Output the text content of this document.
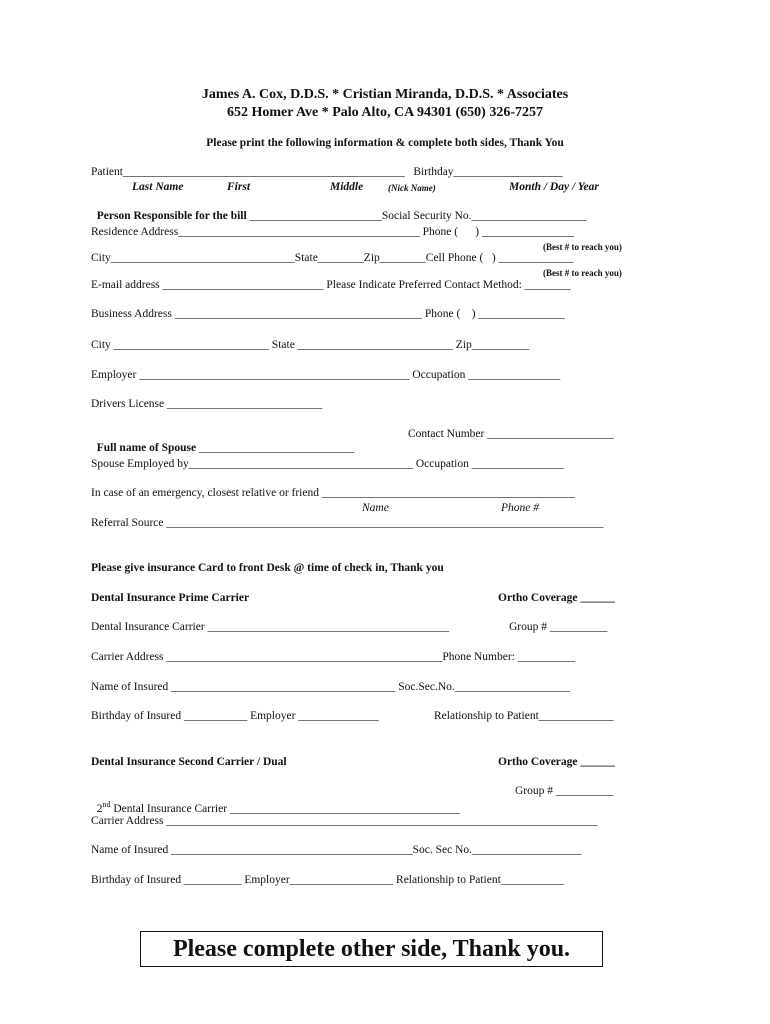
James A. Cox, D.D.S. * Cristian Miranda, D.D.S. * Associates
652 Homer Ave * Palo Alto, CA 94301 (650) 326-7257
Please print the following information & complete both sides, Thank You
Patient_________________________________________________   Birthday___________________
Last Name	First	Middle	(Nick Name)	Month / Day / Year

Person Responsible for the bill _______________________Social Security No.____________________

Residence Address__________________________________________ Phone (      ) ________________
(Best # to reach you)
City________________________________State________Zip________Cell Phone (   ) _____________
(Best # to reach you)
E-mail address ____________________________ Please Indicate Preferred Contact Method: ________
Business Address ___________________________________________ Phone (    ) _______________
City ___________________________ State ___________________________ Zip__________
Employer _______________________________________________ Occupation ________________
Drivers License ___________________________

Full name of Spouse ___________________________

Contact Number ______________________
Spouse Employed by_______________________________________ Occupation ________________
In case of an emergency, closest relative or friend ____________________________________________
Name	Phone #
Referral Source ____________________________________________________________________________
Please give insurance Card to front Desk @ time of check in, Thank you
Dental Insurance Prime Carrier	Ortho Coverage ______
Dental Insurance Carrier __________________________________________	Group # __________
Carrier Address ________________________________________________Phone Number: __________
Name of Insured _______________________________________ Soc.Sec.No.____________________
Birthday of Insured ___________ Employer ______________	Relationship to Patient_____________
Dental Insurance Second Carrier / Dual	Ortho Coverage ______

2nd Dental Insurance Carrier ________________________________________

Group # __________
Carrier Address ___________________________________________________________________________
Name of Insured __________________________________________Soc. Sec No.___________________
Birthday of Insured __________ Employer__________________ Relationship to Patient___________
Please complete other side, Thank you.
